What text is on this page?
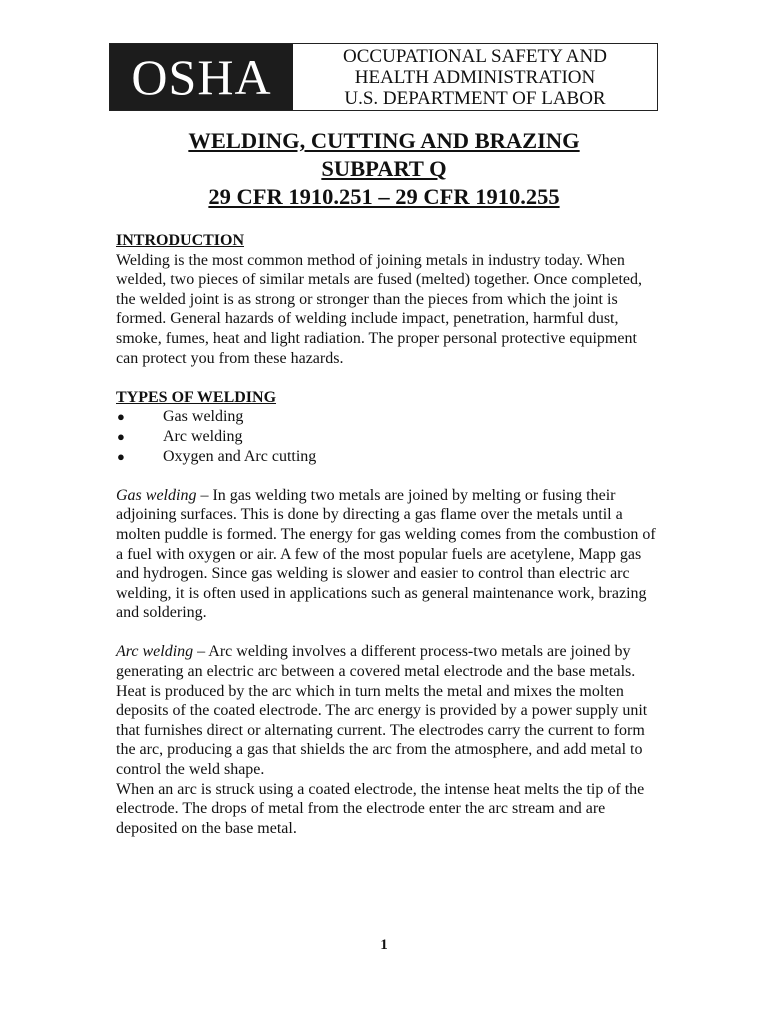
OSHA	OCCUPATIONAL SAFETY AND
HEALTH ADMINISTRATION
U.S. DEPARTMENT OF LABOR
WELDING, CUTTING AND BRAZING
SUBPART Q
29 CFR 1910.251 – 29 CFR 1910.255
INTRODUCTION

Welding is the most common method of joining metals in industry today. When welded, two pieces of similar metals are fused (melted) together. Once completed, the welded joint is as strong or stronger than the pieces from which the joint is formed. General hazards of welding include impact, penetration, harmful dust, smoke, fumes, heat and light radiation. The proper personal protective equipment can protect you from these hazards.

TYPES OF WELDING
● Gas welding
● Arc welding
● Oxygen and Arc cutting

Gas welding – In gas welding two metals are joined by melting or fusing their adjoining surfaces. This is done by directing a gas flame over the metals until a molten puddle is formed. The energy for gas welding comes from the combustion of a fuel with oxygen or air. A few of the most popular fuels are acetylene, Mapp gas and hydrogen. Since gas welding is slower and easier to control than electric arc welding, it is often used in applications such as general maintenance work, brazing and soldering.

Arc welding – Arc welding involves a different process-two metals are joined by generating an electric arc between a covered metal electrode and the base metals. Heat is produced by the arc which in turn melts the metal and mixes the molten deposits of the coated electrode. The arc energy is provided by a power supply unit that furnishes direct or alternating current. The electrodes carry the current to form the arc, producing a gas that shields the arc from the atmosphere, and add metal to control the weld shape.

When an arc is struck using a coated electrode, the intense heat melts the tip of the electrode. The drops of metal from the electrode enter the arc stream and are deposited on the base metal.

1
